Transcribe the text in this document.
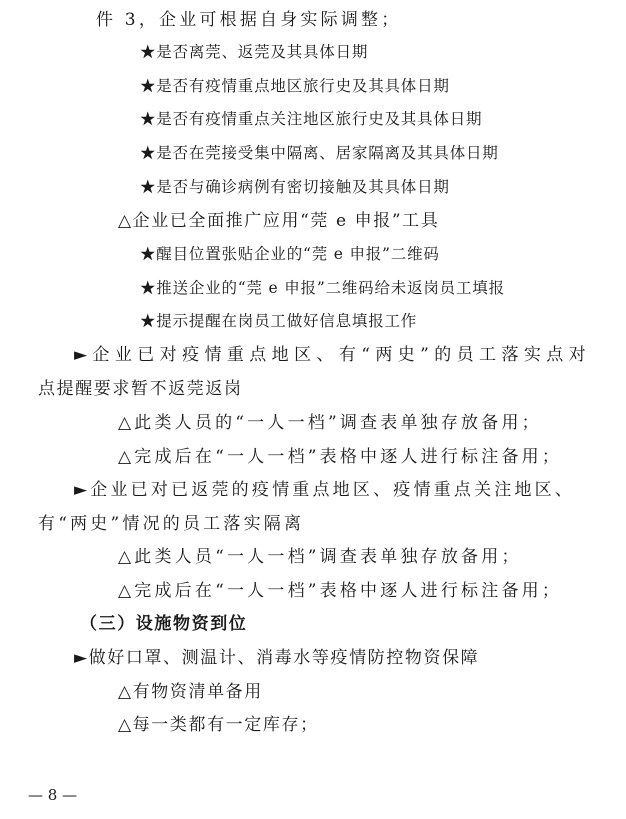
件 3，企业可根据自身实际调整；
★是否离莞、返莞及其具体日期
★是否有疫情重点地区旅行史及其具体日期
★是否有疫情重点关注地区旅行史及其具体日期
★是否在莞接受集中隔离、居家隔离及其具体日期
★是否与确诊病例有密切接触及其具体日期
△企业已全面推广应用“莞 e 申报”工具
★醒目位置张贴企业的“莞 e 申报”二维码
★推送企业的“莞 e 申报”二维码给未返岗员工填报
★提示提醒在岗员工做好信息填报工作
►企业已对疫情重点地区、有“两史”的员工落实点对
点提醒要求暂不返莞返岗
△此类人员的“一人一档”调查表单独存放备用；
△完成后在“一人一档”表格中逐人进行标注备用；
►企业已对已返莞的疫情重点地区、疫情重点关注地区、
有“两史”情况的员工落实隔离
△此类人员“一人一档”调查表单独存放备用；
△完成后在“一人一档”表格中逐人进行标注备用；
（三）设施物资到位
►做好口罩、测温计、消毒水等疫情防控物资保障
△有物资清单备用
△每一类都有一定库存；
— 8 —
